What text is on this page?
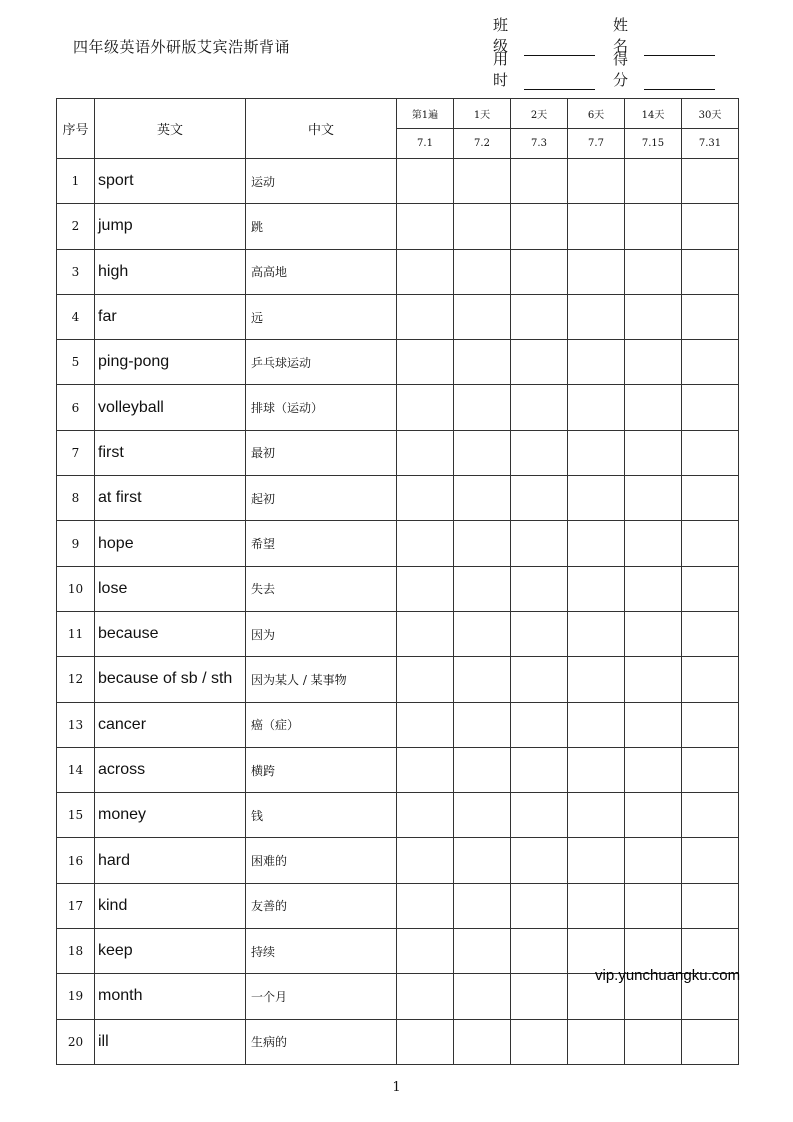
四年级英语外研版艾宾浩斯背诵
班级
姓名
用时
得分
序号	英文	中文	第1遍	1天	2天	6天	14天	30天
			7.1	7.2	7.3	7.7	7.15	7.31
1	sport	运动						
2	jump	跳						
3	high	高高地						
4	far	远						
5	ping-pong	乒乓球运动						
6	volleyball	排球（运动）						
7	first	最初						
8	at first	起初						
9	hope	希望						
10	lose	失去						
11	because	因为						
12	because of sb / sth	因为某人 / 某事物						
13	cancer	癌（症）						
14	across	横跨						
15	money	钱						
16	hard	困难的						
17	kind	友善的						
18	keep	持续						
19	month	一个月						
20	ill	生病的						
vip.yunchuangku.com
1
